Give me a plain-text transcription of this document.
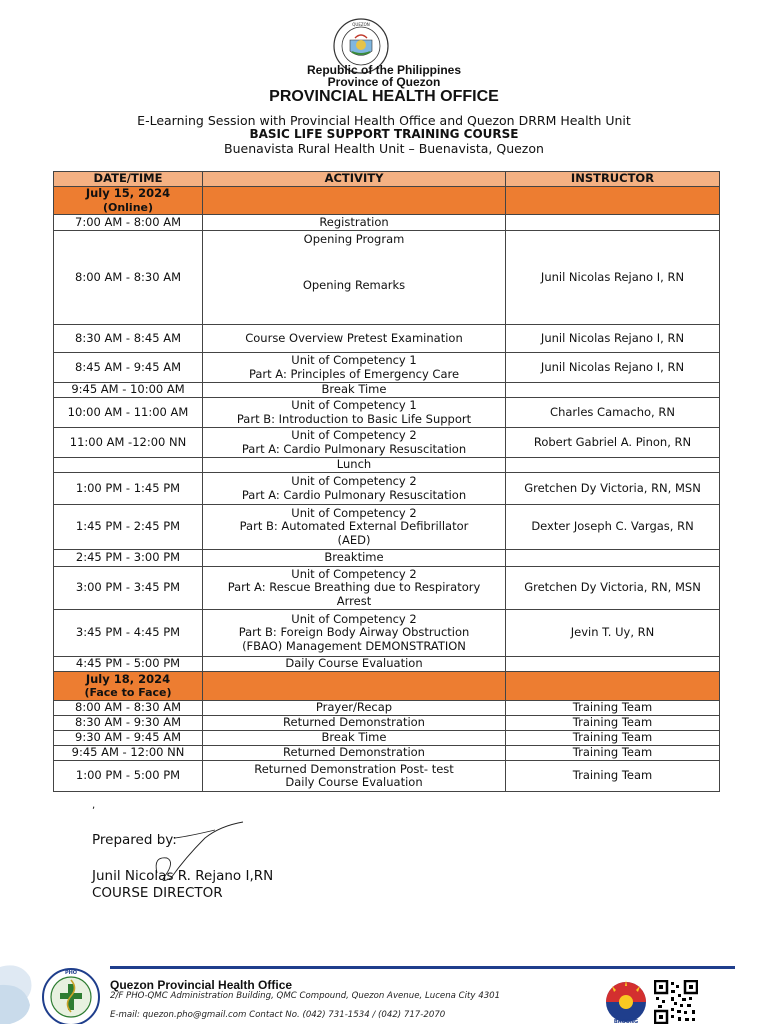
QUEZON
Republic of the Philippines
Province of Quezon
PROVINCIAL HEALTH OFFICE
E-Learning Session with Provincial Health Office and Quezon DRRM Health Unit
BASIC LIFE SUPPORT TRAINING COURSE
Buenavista Rural Health Unit – Buenavista, Quezon
DATE/TIME	ACTIVITY	INSTRUCTOR

July 15, 2024
(Online)		

7:00 AM - 8:00 AM	Registration	
8:00 AM - 8:30 AM	Opening Program
Opening Remarks	Junil Nicolas Rejano I, RN
8:30 AM - 8:45 AM	Course Overview Pretest Examination	Junil Nicolas Rejano I, RN
8:45 AM - 9:45 AM	Unit of Competency 1
Part A: Principles of Emergency Care	Junil Nicolas Rejano I, RN
9:45 AM - 10:00 AM	Break Time	
10:00 AM - 11:00 AM	Unit of Competency 1
Part B: Introduction to Basic Life Support	Charles Camacho, RN
11:00 AM -12:00 NN	Unit of Competency 2
Part A: Cardio Pulmonary Resuscitation	Robert Gabriel A. Pinon, RN
	Lunch	
1:00 PM - 1:45 PM	Unit of Competency 2
Part A: Cardio Pulmonary Resuscitation	Gretchen Dy Victoria, RN, MSN
1:45 PM - 2:45 PM	Unit of Competency 2
Part B: Automated External Defibrillator
(AED)	Dexter Joseph C. Vargas, RN
2:45 PM - 3:00 PM	Breaktime	
3:00 PM - 3:45 PM	Unit of Competency 2
Part A: Rescue Breathing due to Respiratory
Arrest	Gretchen Dy Victoria, RN, MSN
3:45 PM - 4:45 PM	Unit of Competency 2
Part B: Foreign Body Airway Obstruction
(FBAO) Management DEMONSTRATION	Jevin T. Uy, RN
4:45 PM - 5:00 PM	Daily Course Evaluation	

July 18, 2024
(Face to Face)		

8:00 AM - 8:30 AM	Prayer/Recap	Training Team
8:30 AM - 9:30 AM	Returned Demonstration	Training Team
9:30 AM - 9:45 AM	Break Time	Training Team
9:45 AM - 12:00 NN	Returned Demonstration	Training Team
1:00 PM - 5:00 PM	Returned Demonstration Post- test
Daily Course Evaluation	Training Team
,
Prepared by:
Junil Nicolas R. Rejano I,RN
COURSE DIRECTOR
PHO
Quezon Provincial Health Office
2/F PHO-QMC Administration Building, QMC Compound, Quezon Avenue, Lucena City 4301
E-mail: quezon.pho@gmail.com Contact No. (042) 731-1534 / (042) 717-2070
BAGONG
